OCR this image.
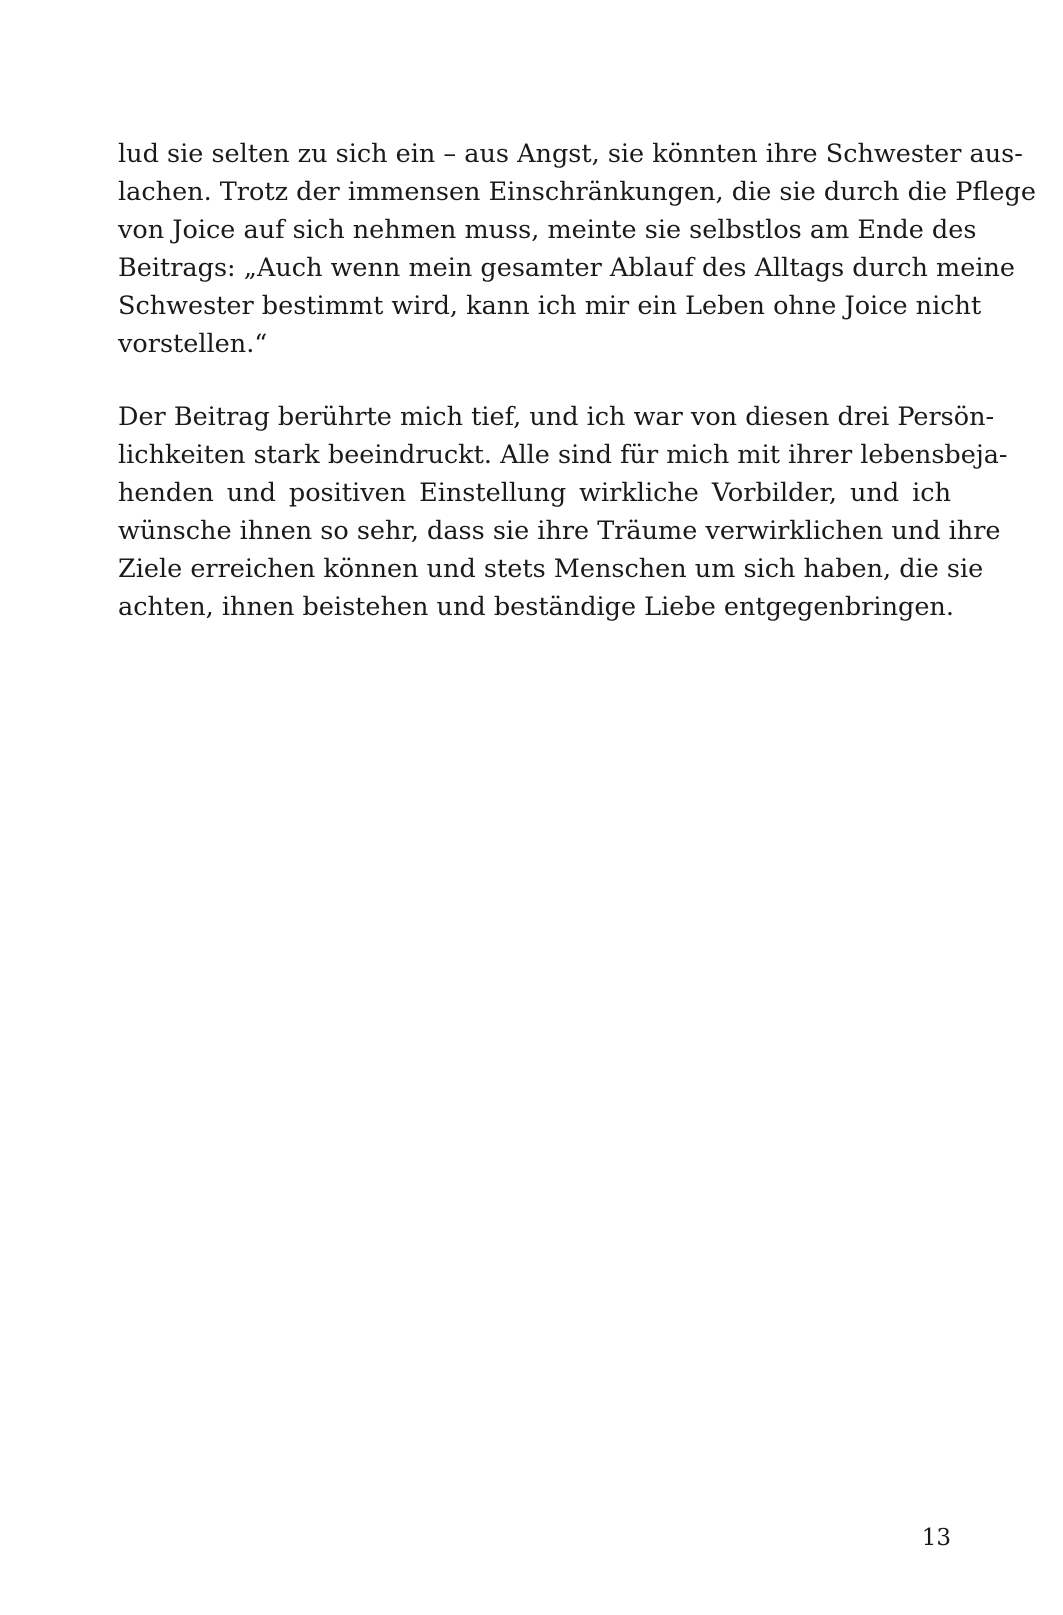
lud sie selten zu sich ein – aus Angst, sie könnten ihre Schwester aus-
lachen. Trotz der immensen Einschränkungen, die sie durch die Pflege
von Joice auf sich nehmen muss, meinte sie selbstlos am Ende des
Beitrags: „Auch wenn mein gesamter Ablauf des Alltags durch meine
Schwester bestimmt wird, kann ich mir ein Leben ohne Joice nicht
vorstellen.“
Der Beitrag berührte mich tief, und ich war von diesen drei Persön-
lichkeiten stark beeindruckt. Alle sind für mich mit ihrer lebensbeja-
henden und positiven Einstellung wirkliche Vorbilder, und ich
wünsche ihnen so sehr, dass sie ihre Träume verwirklichen und ihre
Ziele erreichen können und stets Menschen um sich haben, die sie
achten, ihnen beistehen und beständige Liebe entgegenbringen.
13
